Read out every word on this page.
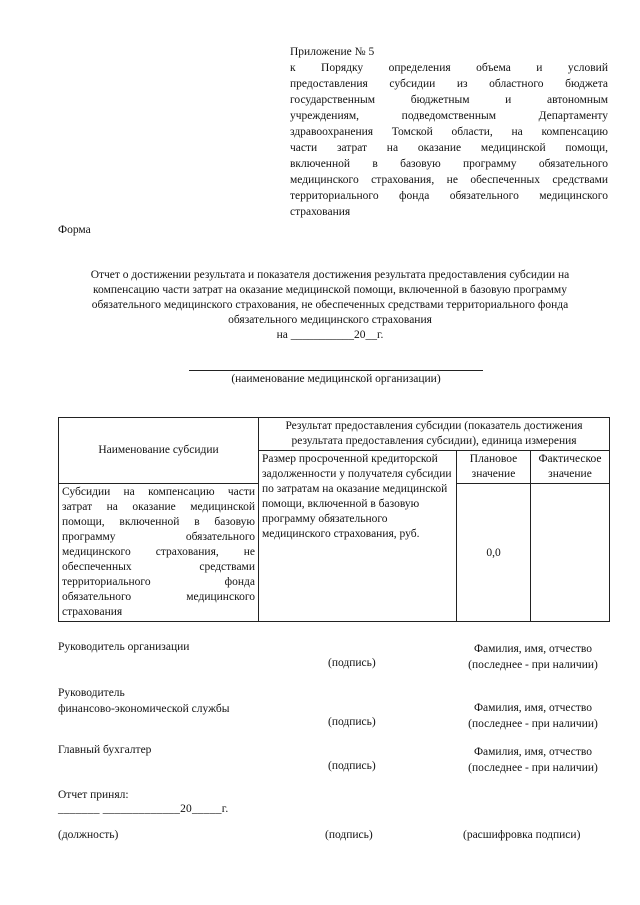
Приложение № 5
к Порядку определения объема и условий
предоставления субсидии из областного бюджета
государственным бюджетным и автономным
учреждениям, подведомственным Департаменту
здравоохранения Томской области, на компенсацию
части затрат на оказание медицинской помощи,
включенной в базовую программу обязательного
медицинского страхования, не обеспеченных средствами
территориального фонда обязательного медицинского
страхования
Форма
Отчет о достижении результата и показателя достижения результата предоставления субсидии на
компенсацию части затрат на оказание медицинской помощи, включенной в базовую программу
обязательного медицинского страхования, не обеспеченных средствами территориального фонда
обязательного медицинского страхования
на ___________20__г.
(наименование медицинской организации)
Наименование субсидии	Результат предоставления субсидии (показатель достижения результата предоставления субсидии), единица измерения		
	Размер просроченной кредиторской задолженности у получателя субсидии по затратам на оказание медицинской помощи, включенной в базовую программу обязательного медицинского страхования, руб.	Плановое значение	Фактическое значение
Субсидии на компенсацию части затрат на оказание медицинской помощи, включенной в базовую программу обязательного медицинского страхования, не обеспеченных средствами территориального фонда обязательного медицинского страхования		0,0	
Руководитель организации
(подпись)
Фамилия, имя, отчество
(последнее - при наличии)
Руководитель
финансово-экономической службы
(подпись)
Фамилия, имя, отчество
(последнее - при наличии)
Главный бухгалтер
(подпись)
Фамилия, имя, отчество
(последнее - при наличии)
Отчет принял:
_______ _____________20_____г.
(должность)	(подпись)	(расшифровка подписи)
